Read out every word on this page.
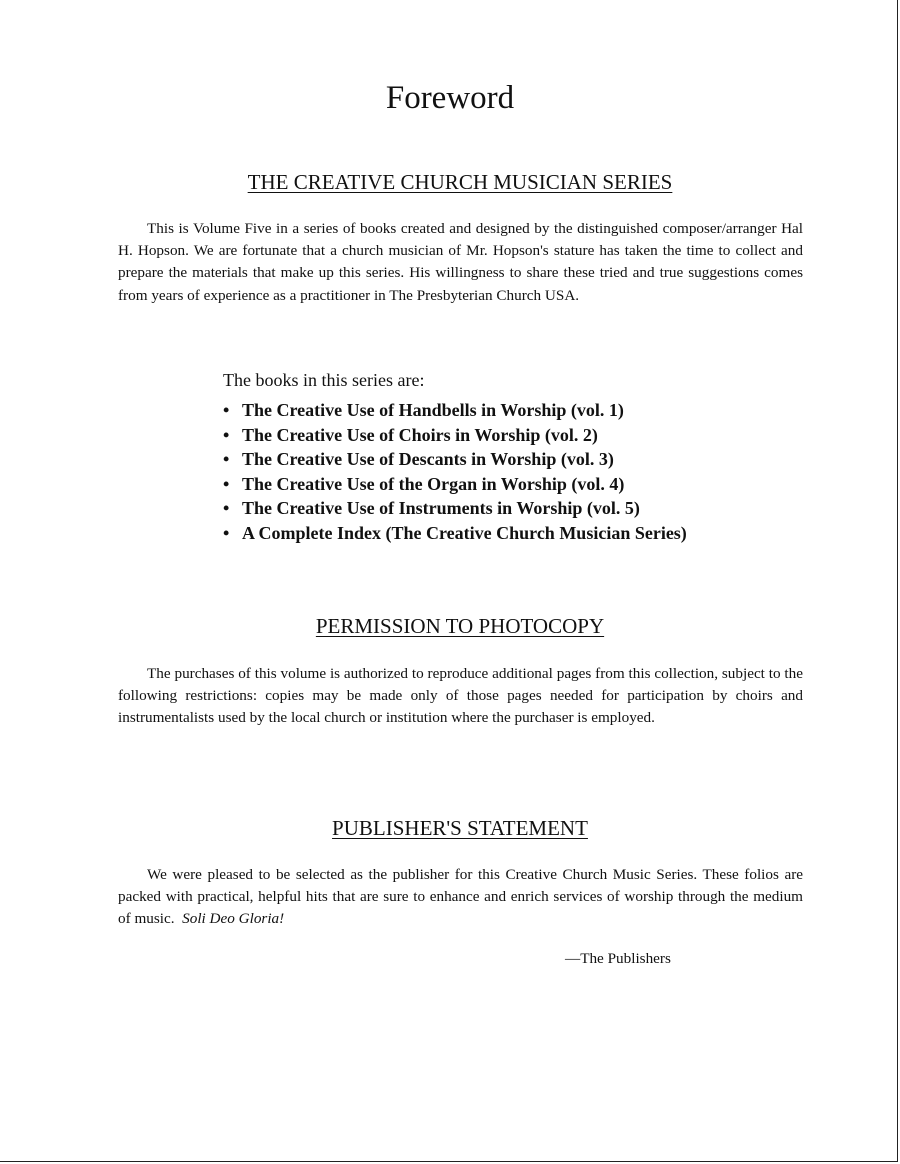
Foreword
THE CREATIVE CHURCH MUSICIAN SERIES

This is Volume Five in a series of books created and designed by the distinguished composer/arranger Hal H. Hopson. We are fortunate that a church musician of Mr. Hopson's stature has taken the time to collect and prepare the materials that make up this series. His willingness to share these tried and true suggestions comes from years of experience as a practitioner in The Presbyterian Church USA.

The books in this series are:
• The Creative Use of Handbells in Worship (vol. 1)
• The Creative Use of Choirs in Worship (vol. 2)
• The Creative Use of Descants in Worship (vol. 3)
• The Creative Use of the Organ in Worship (vol. 4)
• The Creative Use of Instruments in Worship (vol. 5)
• A Complete Index (The Creative Church Musician Series)
PERMISSION TO PHOTOCOPY

The purchases of this volume is authorized to reproduce additional pages from this collection, subject to the following restrictions: copies may be made only of those pages needed for participation by choirs and instrumentalists used by the local church or institution where the purchaser is employed.

PUBLISHER'S STATEMENT

We were pleased to be selected as the publisher for this Creative Church Music Series. These folios are packed with practical, helpful hits that are sure to enhance and enrich services of worship through the medium of music. Soli Deo Gloria!

—The Publishers
